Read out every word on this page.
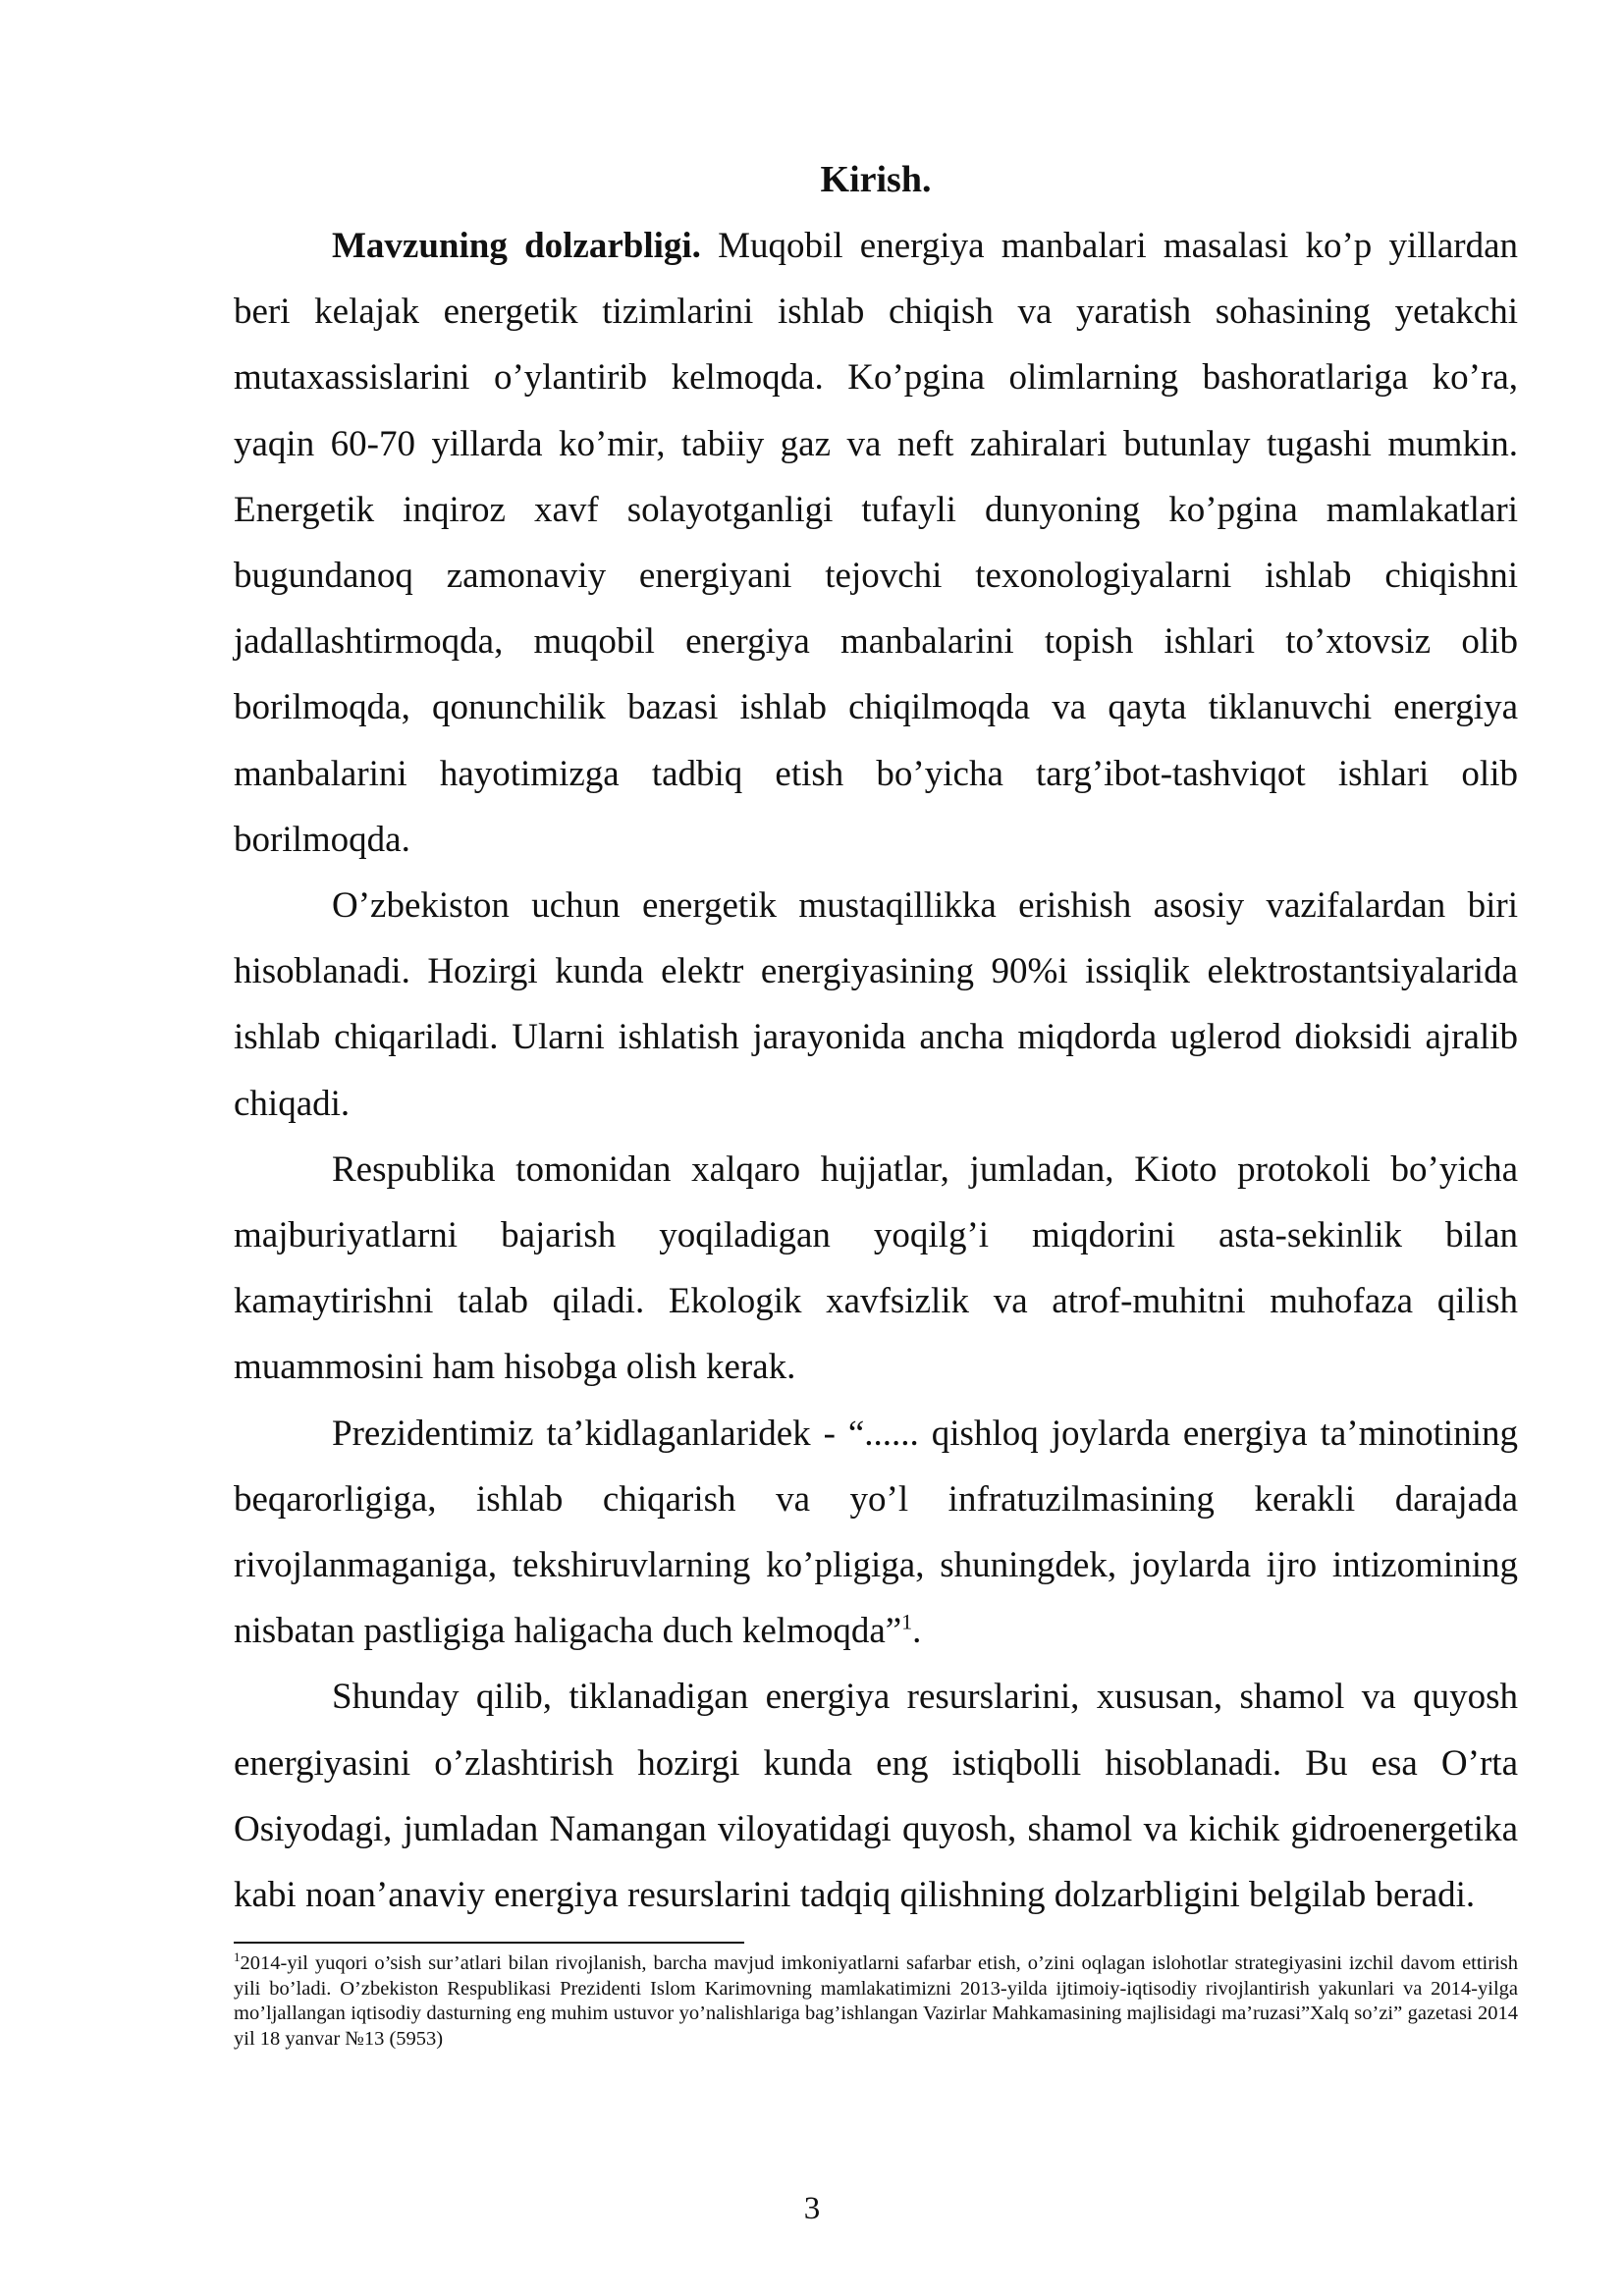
Kirish.

Mavzuning dolzarbligi. Muqobil energiya manbalari masalasi ko’p yillardan beri kelajak energetik tizimlarini ishlab chiqish va yaratish sohasining yetakchi mutaxassislarini o’ylantirib kelmoqda. Ko’pgina olimlarning bashoratlariga ko’ra, yaqin 60-70 yillarda ko’mir, tabiiy gaz va neft zahiralari butunlay tugashi mumkin. Energetik inqiroz xavf solayotganligi tufayli dunyoning ko’pgina mamlakatlari bugundanoq zamonaviy energiyani tejovchi texonologiyalarni ishlab chiqishni jadallashtirmoqda, muqobil energiya manbalarini topish ishlari to’xtovsiz olib borilmoqda, qonunchilik bazasi ishlab chiqilmoqda va qayta tiklanuvchi energiya manbalarini hayotimizga tadbiq etish bo’yicha targ’ibot-tashviqot ishlari olib borilmoqda.

O’zbekiston uchun energetik mustaqillikka erishish asosiy vazifalardan biri hisoblanadi. Hozirgi kunda elektr energiyasining 90%i issiqlik elektrostantsiyalarida ishlab chiqariladi. Ularni ishlatish jarayonida ancha miqdorda uglerod dioksidi ajralib chiqadi.

Respublika tomonidan xalqaro hujjatlar, jumladan, Kioto protokoli bo’yicha majburiyatlarni bajarish yoqiladigan yoqilg’i miqdorini asta-sekinlik bilan kamaytirishni talab qiladi. Ekologik xavfsizlik va atrof-muhitni muhofaza qilish muammosini ham hisobga olish kerak.

Prezidentimiz ta’kidlaganlaridek - “...... qishloq joylarda energiya ta’minotining beqarorligiga, ishlab chiqarish va yo’l infratuzilmasining kerakli darajada rivojlanmaganiga, tekshiruvlarning ko’pligiga, shuningdek, joylarda ijro intizomining nisbatan pastligiga haligacha duch kelmoqda”$^1$.

Shunday qilib, tiklanadigan energiya resurslarini, xususan, shamol va quyosh energiyasini o’zlashtirish hozirgi kunda eng istiqbolli hisoblanadi. Bu esa O’rta Osiyodagi, jumladan Namangan viloyatidagi quyosh, shamol va kichik gidroenergetika kabi noan’anaviy energiya resurslarini tadqiq qilishning dolzarbligini belgilab beradi.

$^1$2014-yil yuqori o’sish sur’atlari bilan rivojlanish, barcha mavjud imkoniyatlarni safarbar etish, o’zini oqlagan islohotlar strategiyasini izchil davom ettirish yili bo’ladi. O’zbekiston Respublikasi Prezidenti Islom Karimovning mamlakatimizni 2013-yilda ijtimoiy-iqtisodiy rivojlantirish yakunlari va 2014-yilga mo’ljallangan iqtisodiy dasturning eng muhim ustuvor yo’nalishlariga bag’ishlangan Vazirlar Mahkamasining majlisidagi ma’ruzasi”Xalq so’zi” gazetasi 2014 yil 18 yanvar №13 (5953)

3
